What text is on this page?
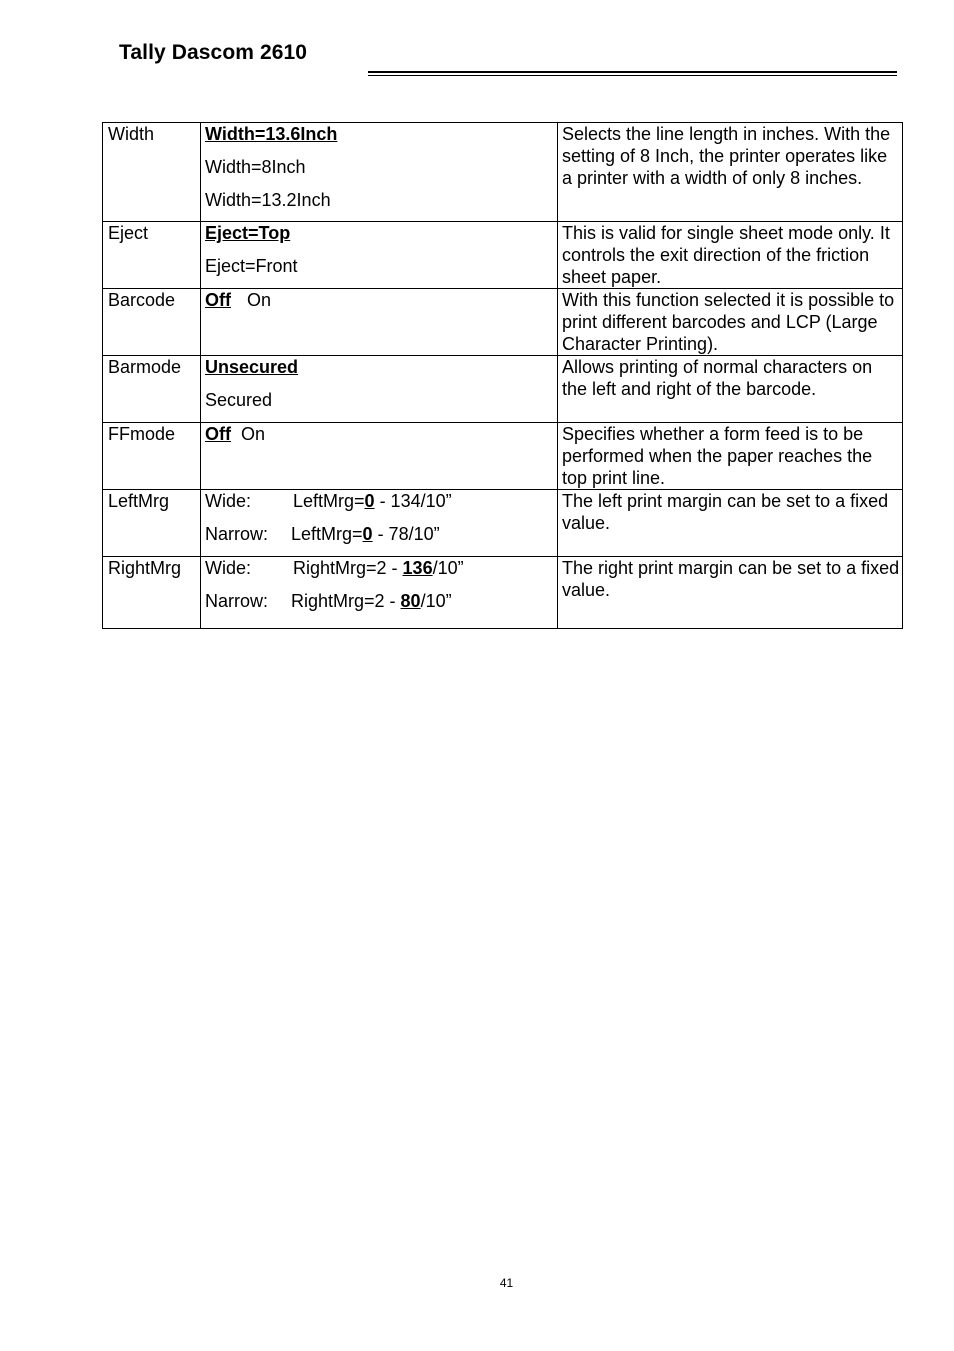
Tally Dascom 2610
Width	Width=13.6Inch
Width=8Inch
Width=13.2Inch	Selects the line length in inches. With the setting of 8 Inch, the printer operates like a printer with a width of only 8 inches.

Eject	Eject=Top
Eject=Front	This is valid for single sheet mode only. It controls the exit direction of the friction sheet paper.

Barcode	Off On	With this function selected it is possible to print different barcodes and LCP (Large Character Printing).

Barmode	Unsecured
Secured	Allows printing of normal characters on the left and right of the barcode.

FFmode	Off On	Specifies whether a form feed is to be performed when the paper reaches the top print line.

LeftMrg	Wide: LeftMrg=0 - 134/10”
Narrow: LeftMrg=0 - 78/10”	The left print margin can be set to a fixed value.

RightMrg	Wide: RightMrg=2 - 136/10”
Narrow: RightMrg=2 - 80/10”	The right print margin can be set to a fixed value.
41
